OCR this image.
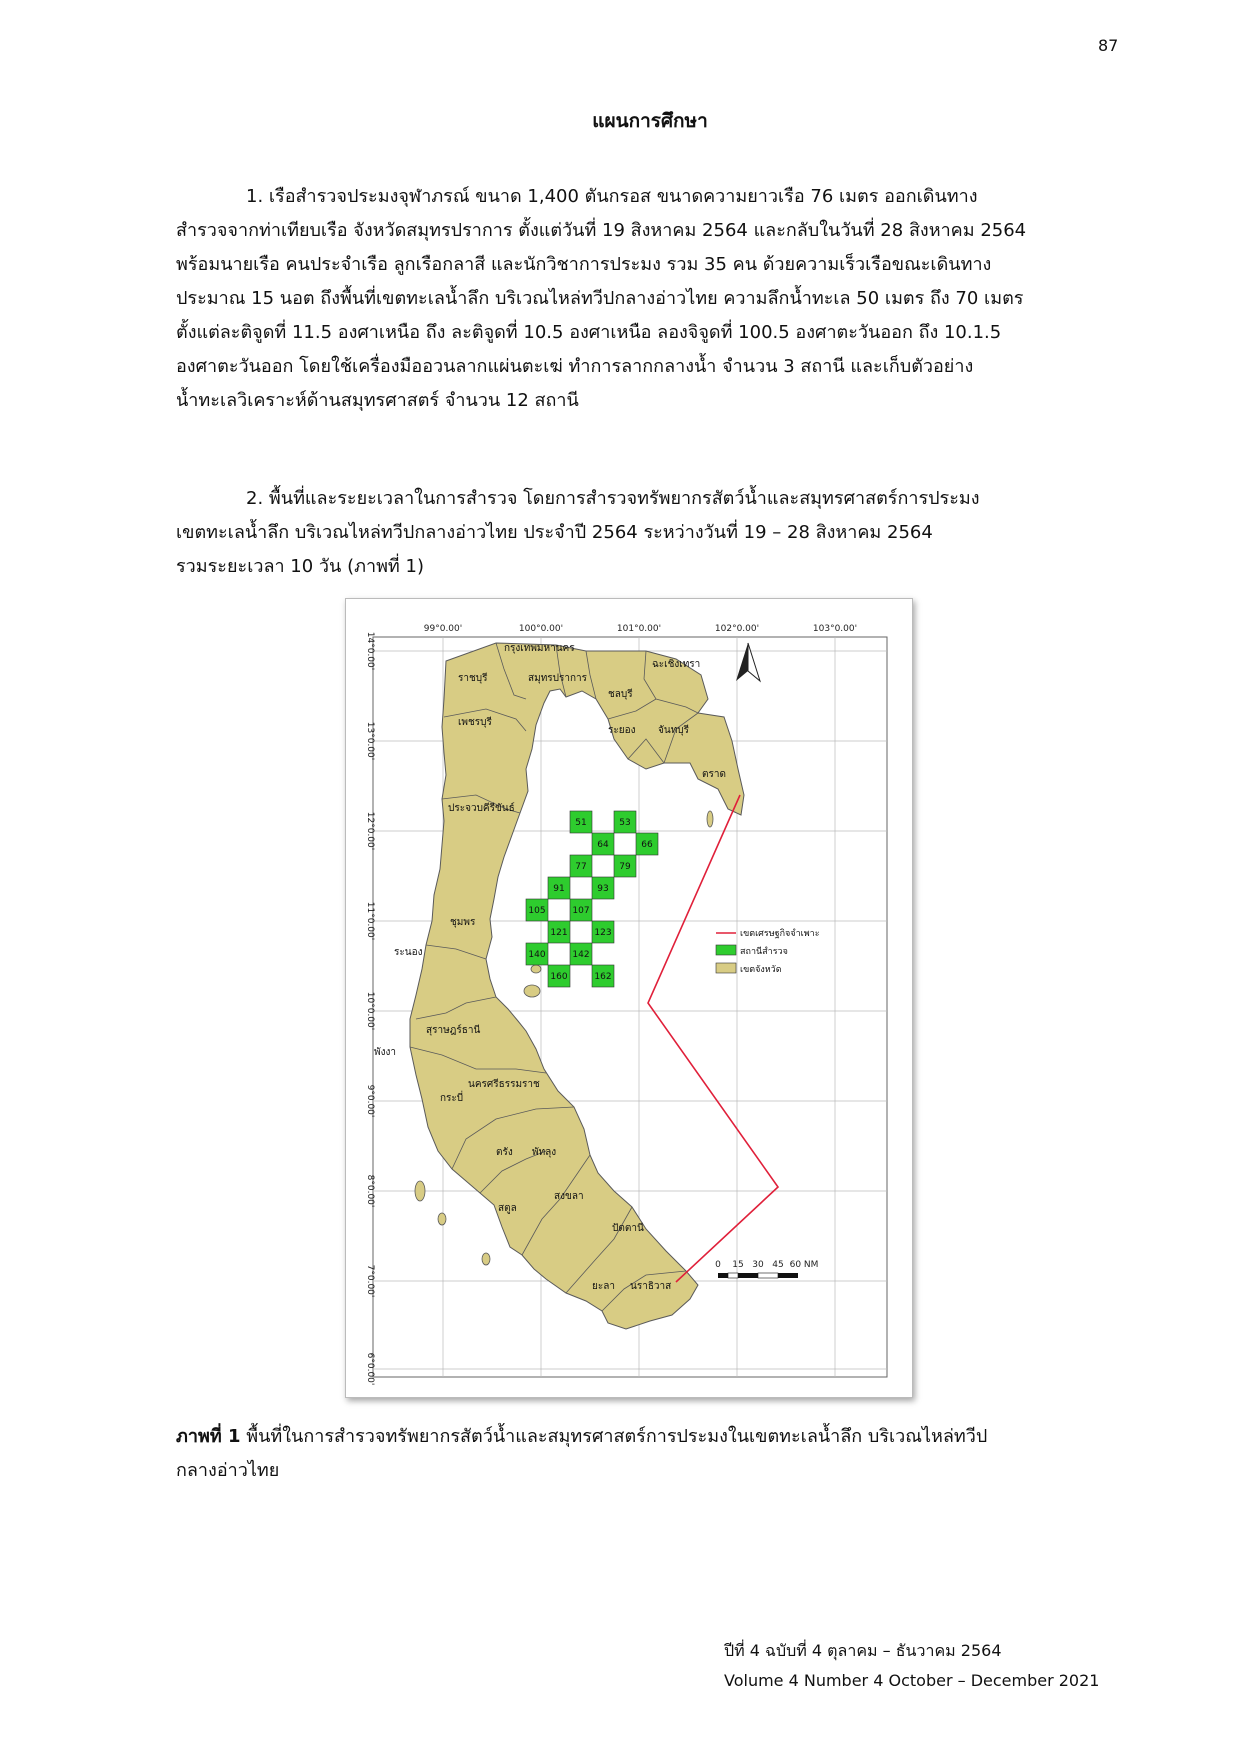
87
แผนการศึกษา
1. เรือสำรวจประมงจุฬาภรณ์ ขนาด 1,400 ตันกรอส ขนาดความยาวเรือ 76 เมตร ออกเดินทาง
สำรวจจากท่าเทียบเรือ จังหวัดสมุทรปราการ ตั้งแต่วันที่ 19 สิงหาคม 2564 และกลับในวันที่ 28 สิงหาคม 2564
พร้อมนายเรือ คนประจำเรือ ลูกเรือกลาสี และนักวิชาการประมง รวม 35 คน ด้วยความเร็วเรือขณะเดินทาง
ประมาณ 15 นอต ถึงพื้นที่เขตทะเลน้ำลึก บริเวณไหล่ทวีปกลางอ่าวไทย ความลึกน้ำทะเล 50 เมตร ถึง 70 เมตร
ตั้งแต่ละติจูดที่ 11.5 องศาเหนือ ถึง ละติจูดที่ 10.5 องศาเหนือ ลองจิจูดที่ 100.5 องศาตะวันออก ถึง 10.1.5
องศาตะวันออก โดยใช้เครื่องมืออวนลากแผ่นตะเฆ่ ทำการลากกลางน้ำ จำนวน 3 สถานี และเก็บตัวอย่าง
น้ำทะเลวิเคราะห์ด้านสมุทรศาสตร์ จำนวน 12 สถานี
2. พื้นที่และระยะเวลาในการสำรวจ โดยการสำรวจทรัพยากรสัตว์น้ำและสมุทรศาสตร์การประมง
เขตทะเลน้ำลึก บริเวณไหล่ทวีปกลางอ่าวไทย ประจำปี 2564 ระหว่างวันที่ 19 – 28 สิงหาคม 2564
รวมระยะเวลา 10 วัน (ภาพที่ 1)
99°0.00'	100°0.00'	101°0.00'	102°0.00'	103°0.00'
14°0.00'
13°0.00'
12°0.00'
11°0.00'
10°0.00'
9°0.00'
8°0.00'
7°0.00'
6°0.00'
กรุงเทพมหานคร
ฉะเชิงเทรา
ราชบุรี	สมุทรปราการ
ชลบุรี
เพชรบุรี
ระยอง จันทบุรี
ตราด
ประจวบคีรีขันธ์
ชุมพร
ระนอง
สุราษฎร์ธานี
พังงา
นครศรีธรรมราช
กระบี่
ตรัง พัทลุง
สตูล
สงขลา
ปัตตานี
ยะลา นราธิวาส
51	53
64	66
77	79
91	93
105	107
121	123
140	142
160	162
เขตเศรษฐกิจจำเพาะ
สถานีสำรวจ
เขตจังหวัด
0 15 30 45 60 NM
ภาพที่ 1 พื้นที่ในการสำรวจทรัพยากรสัตว์น้ำและสมุทรศาสตร์การประมงในเขตทะเลน้ำลึก บริเวณไหล่ทวีป
กลางอ่าวไทย
ปีที่ 4 ฉบับที่ 4 ตุลาคม – ธันวาคม 2564
Volume 4 Number 4 October – December 2021
